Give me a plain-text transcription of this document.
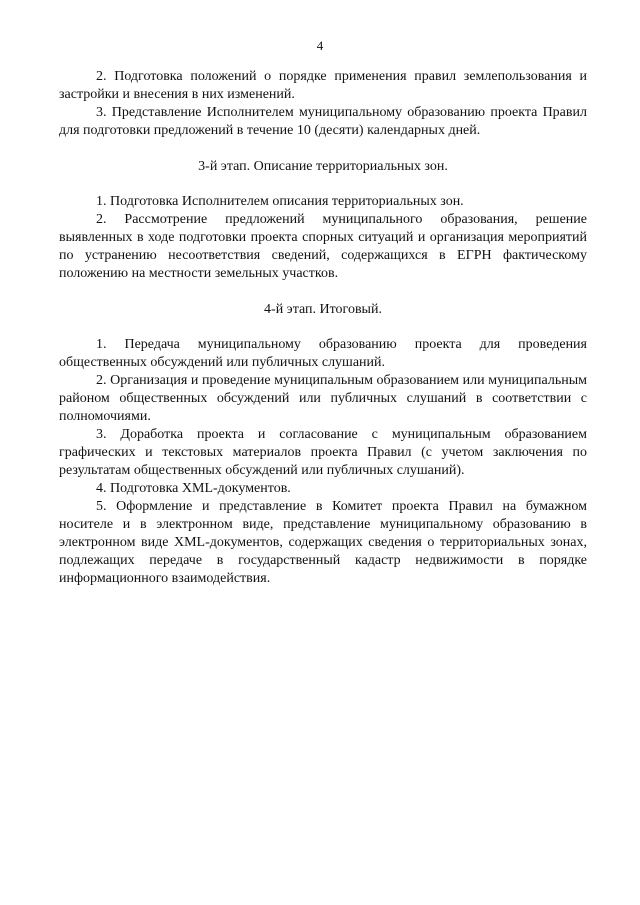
4

2. Подготовка положений о порядке применения правил землепользования и застройки и внесения в них изменений.

3. Представление Исполнителем муниципальному образованию проекта Правил для подготовки предложений в течение 10 (десяти) календарных дней.

3-й этап. Описание территориальных зон.

1. Подготовка Исполнителем описания территориальных зон.

2. Рассмотрение предложений муниципального образования, решение выявленных в ходе подготовки проекта спорных ситуаций и организация мероприятий по устранению несоответствия сведений, содержащихся в ЕГРН фактическому положению на местности земельных участков.

4-й этап. Итоговый.

1. Передача муниципальному образованию проекта для проведения общественных обсуждений или публичных слушаний.

2. Организация и проведение муниципальным образованием или муниципальным районом общественных обсуждений или публичных слушаний в соответствии с полномочиями.

3. Доработка проекта и согласование с муниципальным образованием графических и текстовых материалов проекта Правил (с учетом заключения по результатам общественных обсуждений или публичных слушаний).

4. Подготовка XML-документов.

5. Оформление и представление в Комитет проекта Правил на бумажном носителе и в электронном виде, представление муниципальному образованию в электронном виде XML-документов, содержащих сведения о территориальных зонах, подлежащих передаче в государственный кадастр недвижимости в порядке информационного взаимодействия.
